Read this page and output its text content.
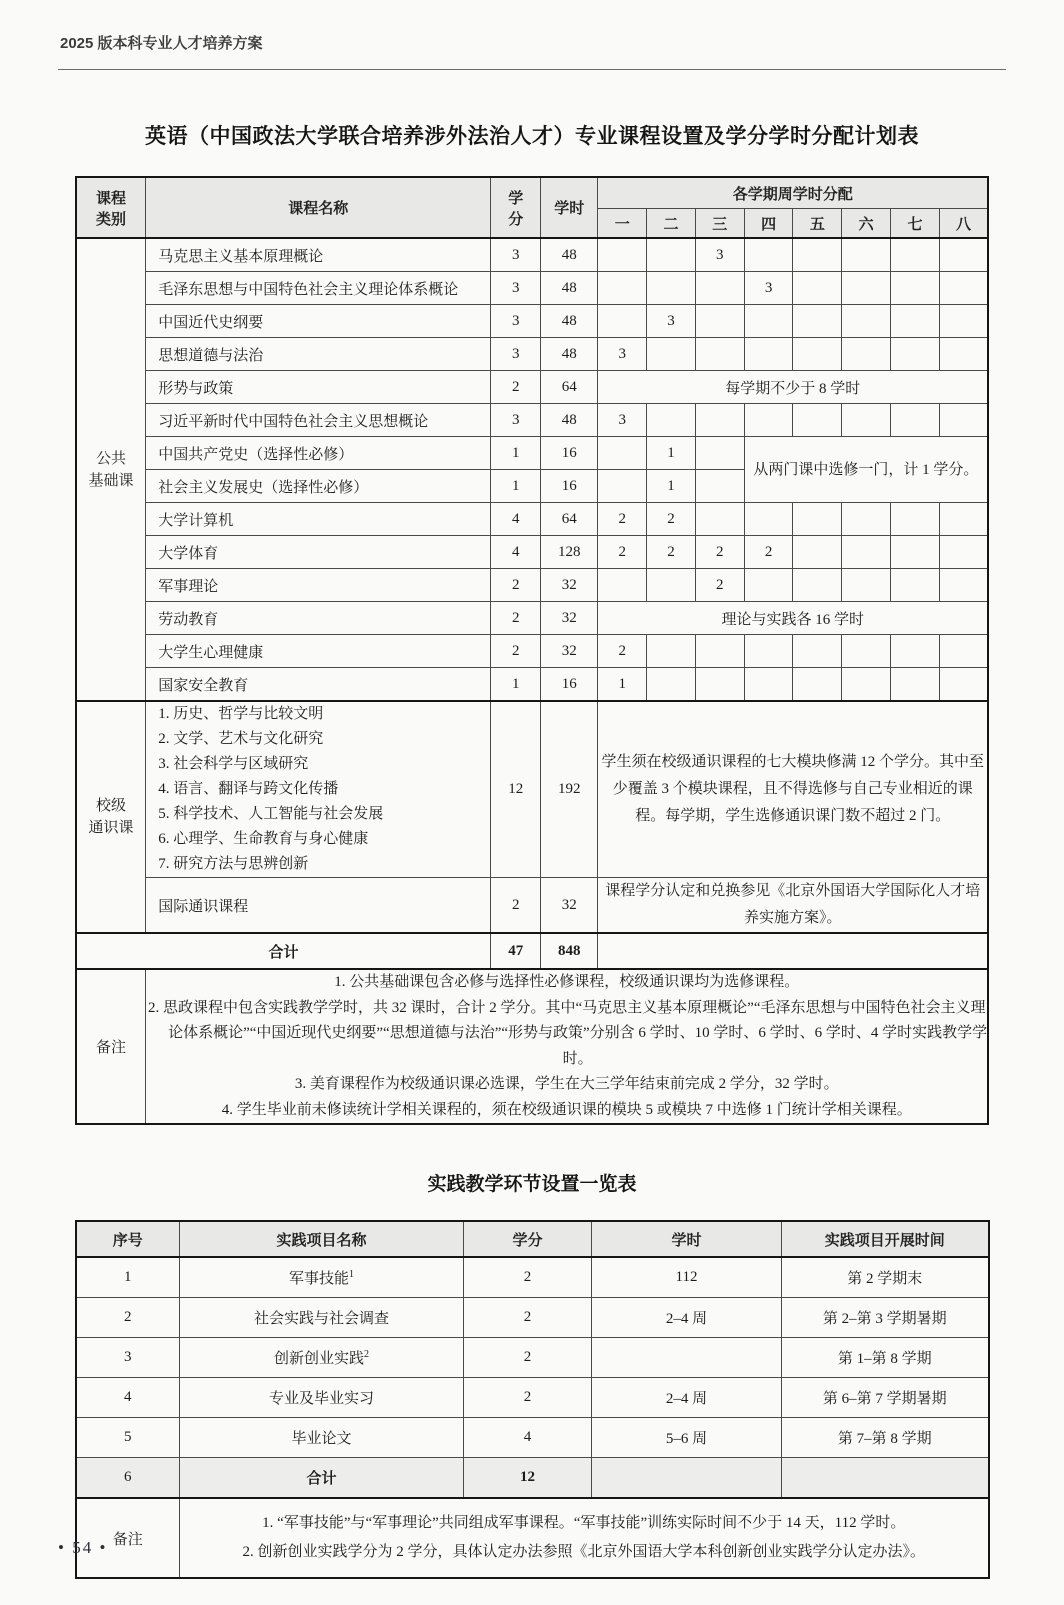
2025 版本科专业人才培养方案
英语（中国政法大学联合培养涉外法治人才）专业课程设置及学分学时分配计划表
课程
类别
	课程名称	
学
分
	学时	各学期周学时分配
				一	二	三	四	五	六	七	八

公共
基础课	马克思主义基本原理概论	3	48			3					
	毛泽东思想与中国特色社会主义理论体系概论	3	48				3				
	中国近代史纲要	3	48		3						
	思想道德与法治	3	48	3							
	形势与政策	2	64	每学期不少于 8 学时							
	习近平新时代中国特色社会主义思想概论	3	48	3							
	中国共产党史（选择性必修）	1	16		1		从两门课中选修一门，计 1 学分。				
	社会主义发展史（选择性必修）	1	16		1						
	大学计算机	4	64	2	2						
	大学体育	4	128	2	2	2	2				
	军事理论	2	32			2					
	劳动教育	2	32	理论与实践各 16 学时							
	大学生心理健康	2	32	2							
	国家安全教育	1	16	1							

校级
通识课

1. 历史、哲学与比较文明
2. 文学、艺术与文化研究
3. 社会科学与区域研究
4. 语言、翻译与跨文化传播
5. 科学技术、人工智能与社会发展
6. 心理学、生命教育与身心健康
7. 研究方法与思辨创新
	12	192	学生须在校级通识课程的七大模块修满 12 个学分。其中至少覆盖 3 个模块课程，且不得选修与自己专业相近的课程。每学期，学生选修通识课门数不超过 2 门。
	国际通识课程	2	32	课程学分认定和兑换参见《北京外国语大学国际化人才培养实施方案》。							
合计		47	848								
备注	1. 公共基础课包含必修与选择性必修课程，校级通识课均为选修课程。
2. 思政课程中包含实践教学学时，共 32 课时，合计 2 学分。其中“马克思主义基本原理概论”“毛泽东思想与中国特色社会主义理论体系概论”“中国近现代史纲要”“思想道德与法治”“形势与政策”分别含 6 学时、10 学时、6 学时、6 学时、4 学时实践教学学时。
3. 美育课程作为校级通识课必选课，学生在大三学年结束前完成 2 学分，32 学时。
4. 学生毕业前未修读统计学相关课程的，须在校级通识课的模块 5 或模块 7 中选修 1 门统计学相关课程。										
实践教学环节设置一览表
序号	实践项目名称	学分	学时	实践项目开展时间
1	军事技能$^1$	2	112	第 2 学期末
2	社会实践与社会调查	2	2–4 周	第 2–第 3 学期暑期
3	创新创业实践$^2$	2		第 1–第 8 学期
4	专业及毕业实习	2	2–4 周	第 6–第 7 学期暑期
5	毕业论文	4	5–6 周	第 7–第 8 学期
6	合计	12		
备注	1. “军事技能”与“军事理论”共同组成军事课程。“军事技能”训练实际时间不少于 14 天，112 学时。
2. 创新创业实践学分为 2 学分，具体认定办法参照《北京外国语大学本科创新创业实践学分认定办法》。			
• 54 •
